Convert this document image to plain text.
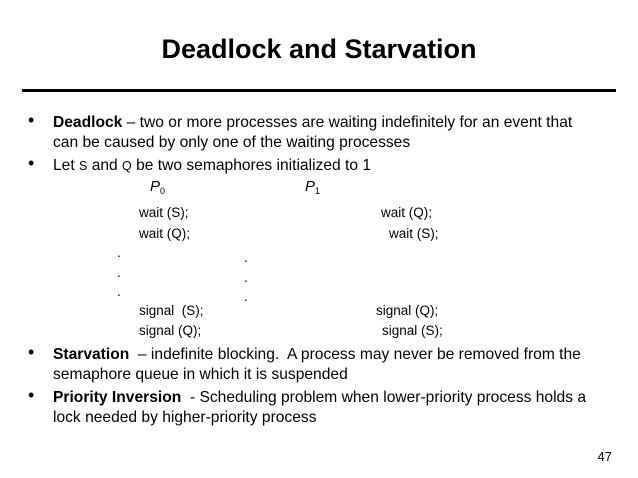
Deadlock and Starvation
• Deadlock – two or more processes are waiting indefinitely for an event that
can be caused by only one of the waiting processes
• Let S and Q be two semaphores initialized to 1
$P_0$	$P_1$
wait (S);
wait (Q);
signal  (S);
signal (Q);
wait (Q);
wait (S);
signal (Q);
signal (S);
.
.
.
.
.
.
• Starvation  – indefinite blocking.  A process may never be removed from the
semaphore queue in which it is suspended
• Priority Inversion  - Scheduling problem when lower-priority process holds a
lock needed by higher-priority process
47
